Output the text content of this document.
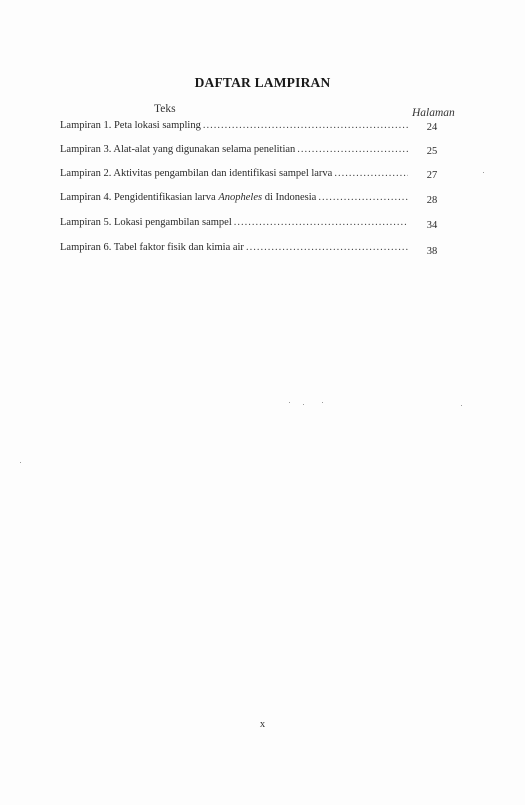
DAFTAR LAMPIRAN
Teks	Halaman
Lampiran 1. Peta lokasi sampling .....	24
Lampiran 3. Alat-alat yang digunakan selama penelitian .....	25
Lampiran 2. Aktivitas pengambilan dan identifikasi sampel larva .....	27
Lampiran 4. Pengidentifikasian larva Anopheles di Indonesia .....	28
Lampiran 5. Lokasi pengambilan sampel .....	34
Lampiran 6. Tabel faktor fisik dan kimia air .....	38
x
